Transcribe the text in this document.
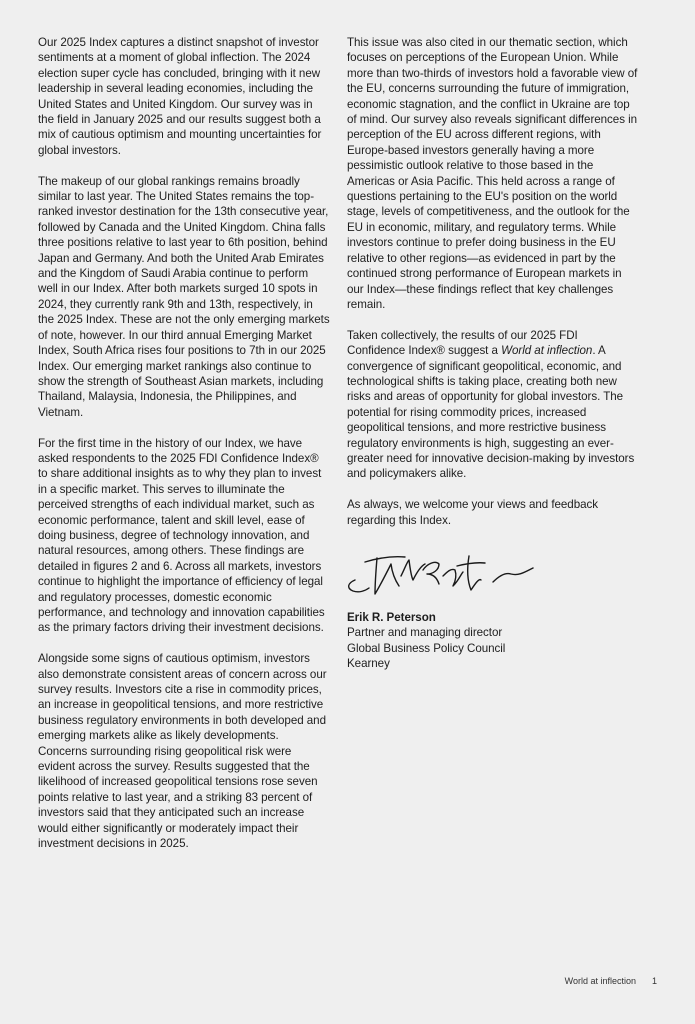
Our 2025 Index captures a distinct snapshot of investor sentiments at a moment of global inflection. The 2024 election super cycle has concluded, bringing with it new leadership in several leading economies, including the United States and United Kingdom. Our survey was in the field in January 2025 and our results suggest both a mix of cautious optimism and mounting uncertainties for global investors.

The makeup of our global rankings remains broadly similar to last year. The United States remains the top-ranked investor destination for the 13th consecutive year, followed by Canada and the United Kingdom. China falls three positions relative to last year to 6th position, behind Japan and Germany. And both the United Arab Emirates and the Kingdom of Saudi Arabia continue to perform well in our Index. After both markets surged 10 spots in 2024, they currently rank 9th and 13th, respectively, in the 2025 Index. These are not the only emerging markets of note, however. In our third annual Emerging Market Index, South Africa rises four positions to 7th in our 2025 Index. Our emerging market rankings also continue to show the strength of Southeast Asian markets, including Thailand, Malaysia, Indonesia, the Philippines, and Vietnam.

For the first time in the history of our Index, we have asked respondents to the 2025 FDI Confidence Index® to share additional insights as to why they plan to invest in a specific market. This serves to illuminate the perceived strengths of each individual market, such as economic performance, talent and skill level, ease of doing business, degree of technology innovation, and natural resources, among others. These findings are detailed in figures 2 and 6. Across all markets, investors continue to highlight the importance of efficiency of legal and regulatory processes, domestic economic performance, and technology and innovation capabilities as the primary factors driving their investment decisions.

Alongside some signs of cautious optimism, investors also demonstrate consistent areas of concern across our survey results. Investors cite a rise in commodity prices, an increase in geopolitical tensions, and more restrictive business regulatory environments in both developed and emerging markets alike as likely developments. Concerns surrounding rising geopolitical risk were evident across the survey. Results suggested that the likelihood of increased geopolitical tensions rose seven points relative to last year, and a striking 83 percent of investors said that they anticipated such an increase would either significantly or moderately impact their investment decisions in 2025.

This issue was also cited in our thematic section, which focuses on perceptions of the European Union. While more than two-thirds of investors hold a favorable view of the EU, concerns surrounding the future of immigration, economic stagnation, and the conflict in Ukraine are top of mind. Our survey also reveals significant differences in perception of the EU across different regions, with Europe-based investors generally having a more pessimistic outlook relative to those based in the Americas or Asia Pacific. This held across a range of questions pertaining to the EU's position on the world stage, levels of competitiveness, and the outlook for the EU in economic, military, and regulatory terms. While investors continue to prefer doing business in the EU relative to other regions—as evidenced in part by the continued strong performance of European markets in our Index—these findings reflect that key challenges remain.

Taken collectively, the results of our 2025 FDI Confidence Index® suggest a World at inflection. A convergence of significant geopolitical, economic, and technological shifts is taking place, creating both new risks and areas of opportunity for global investors. The potential for rising commodity prices, increased geopolitical tensions, and more restrictive business regulatory environments is high, suggesting an ever-greater need for innovative decision-making by investors and policymakers alike.

As always, we welcome your views and feedback regarding this Index.

Erik R. Peterson
Partner and managing director
Global Business Policy Council
Kearney
World at inflection 1
